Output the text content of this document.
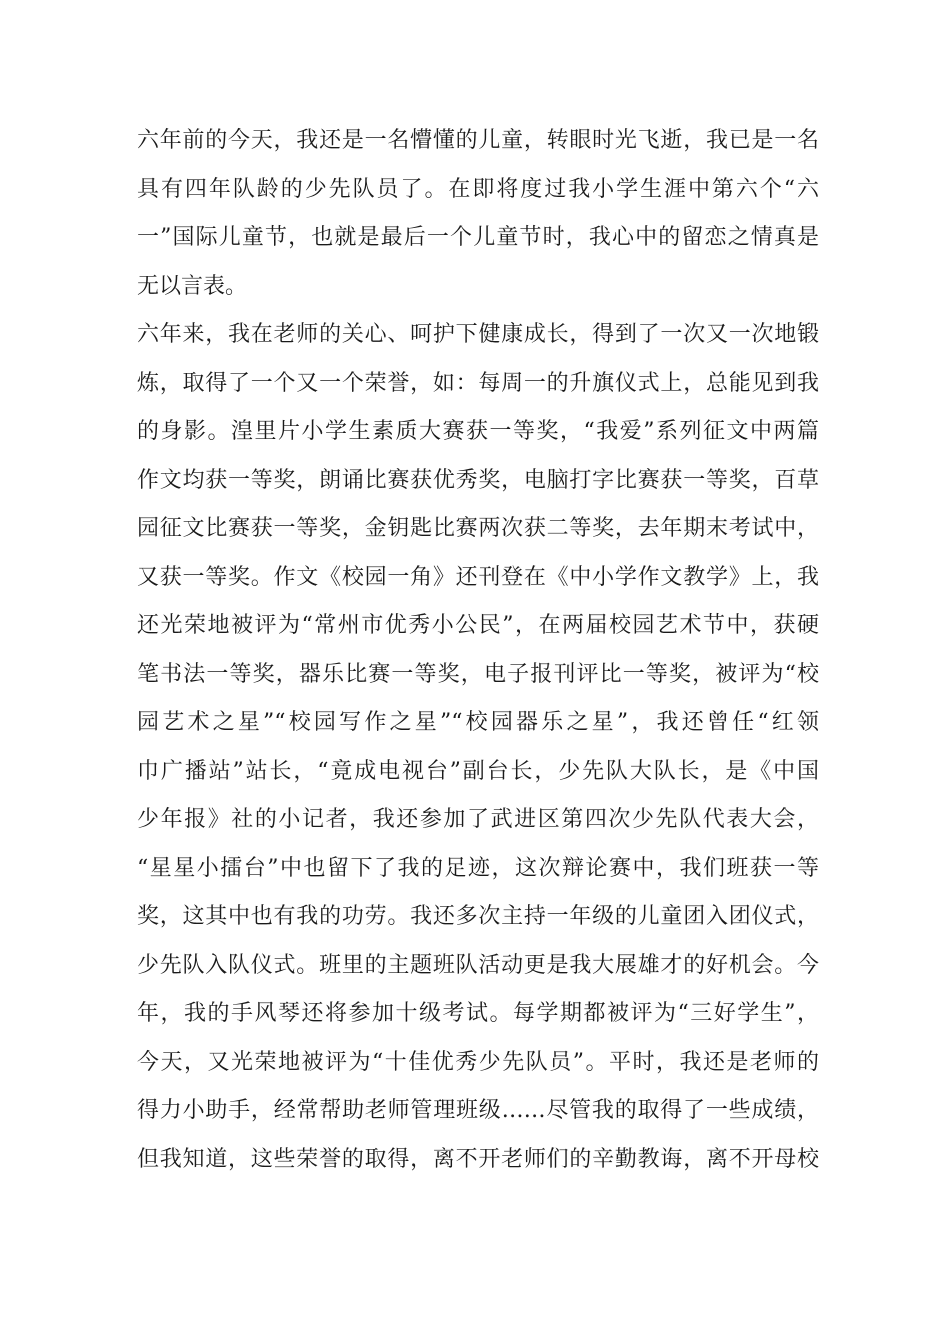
六年前的今天，我还是一名懵懂的儿童，转眼时光飞逝，我已是一名
具有四年队龄的少先队员了。在即将度过我小学生涯中第六个“六
一”国际儿童节，也就是最后一个儿童节时，我心中的留恋之情真是
无以言表。
六年来，我在老师的关心、呵护下健康成长，得到了一次又一次地锻
炼，取得了一个又一个荣誉，如：每周一的升旗仪式上，总能见到我
的身影。湟里片小学生素质大赛获一等奖，“我爱”系列征文中两篇
作文均获一等奖，朗诵比赛获优秀奖，电脑打字比赛获一等奖，百草
园征文比赛获一等奖，金钥匙比赛两次获二等奖，去年期末考试中，
又获一等奖。作文《校园一角》还刊登在《中小学作文教学》上，我
还光荣地被评为“常州市优秀小公民”，在两届校园艺术节中，获硬
笔书法一等奖，器乐比赛一等奖，电子报刊评比一等奖，被评为“校
园艺术之星”“校园写作之星”“校园器乐之星”，我还曾任“红领
巾广播站”站长，“竟成电视台”副台长，少先队大队长，是《中国
少年报》社的小记者，我还参加了武进区第四次少先队代表大会，
“星星小擂台”中也留下了我的足迹，这次辩论赛中，我们班获一等
奖，这其中也有我的功劳。我还多次主持一年级的儿童团入团仪式，
少先队入队仪式。班里的主题班队活动更是我大展雄才的好机会。今
年，我的手风琴还将参加十级考试。每学期都被评为“三好学生”，
今天，又光荣地被评为“十佳优秀少先队员”。平时，我还是老师的
得力小助手，经常帮助老师管理班级……尽管我的取得了一些成绩，
但我知道，这些荣誉的取得，离不开老师们的辛勤教诲，离不开母校
